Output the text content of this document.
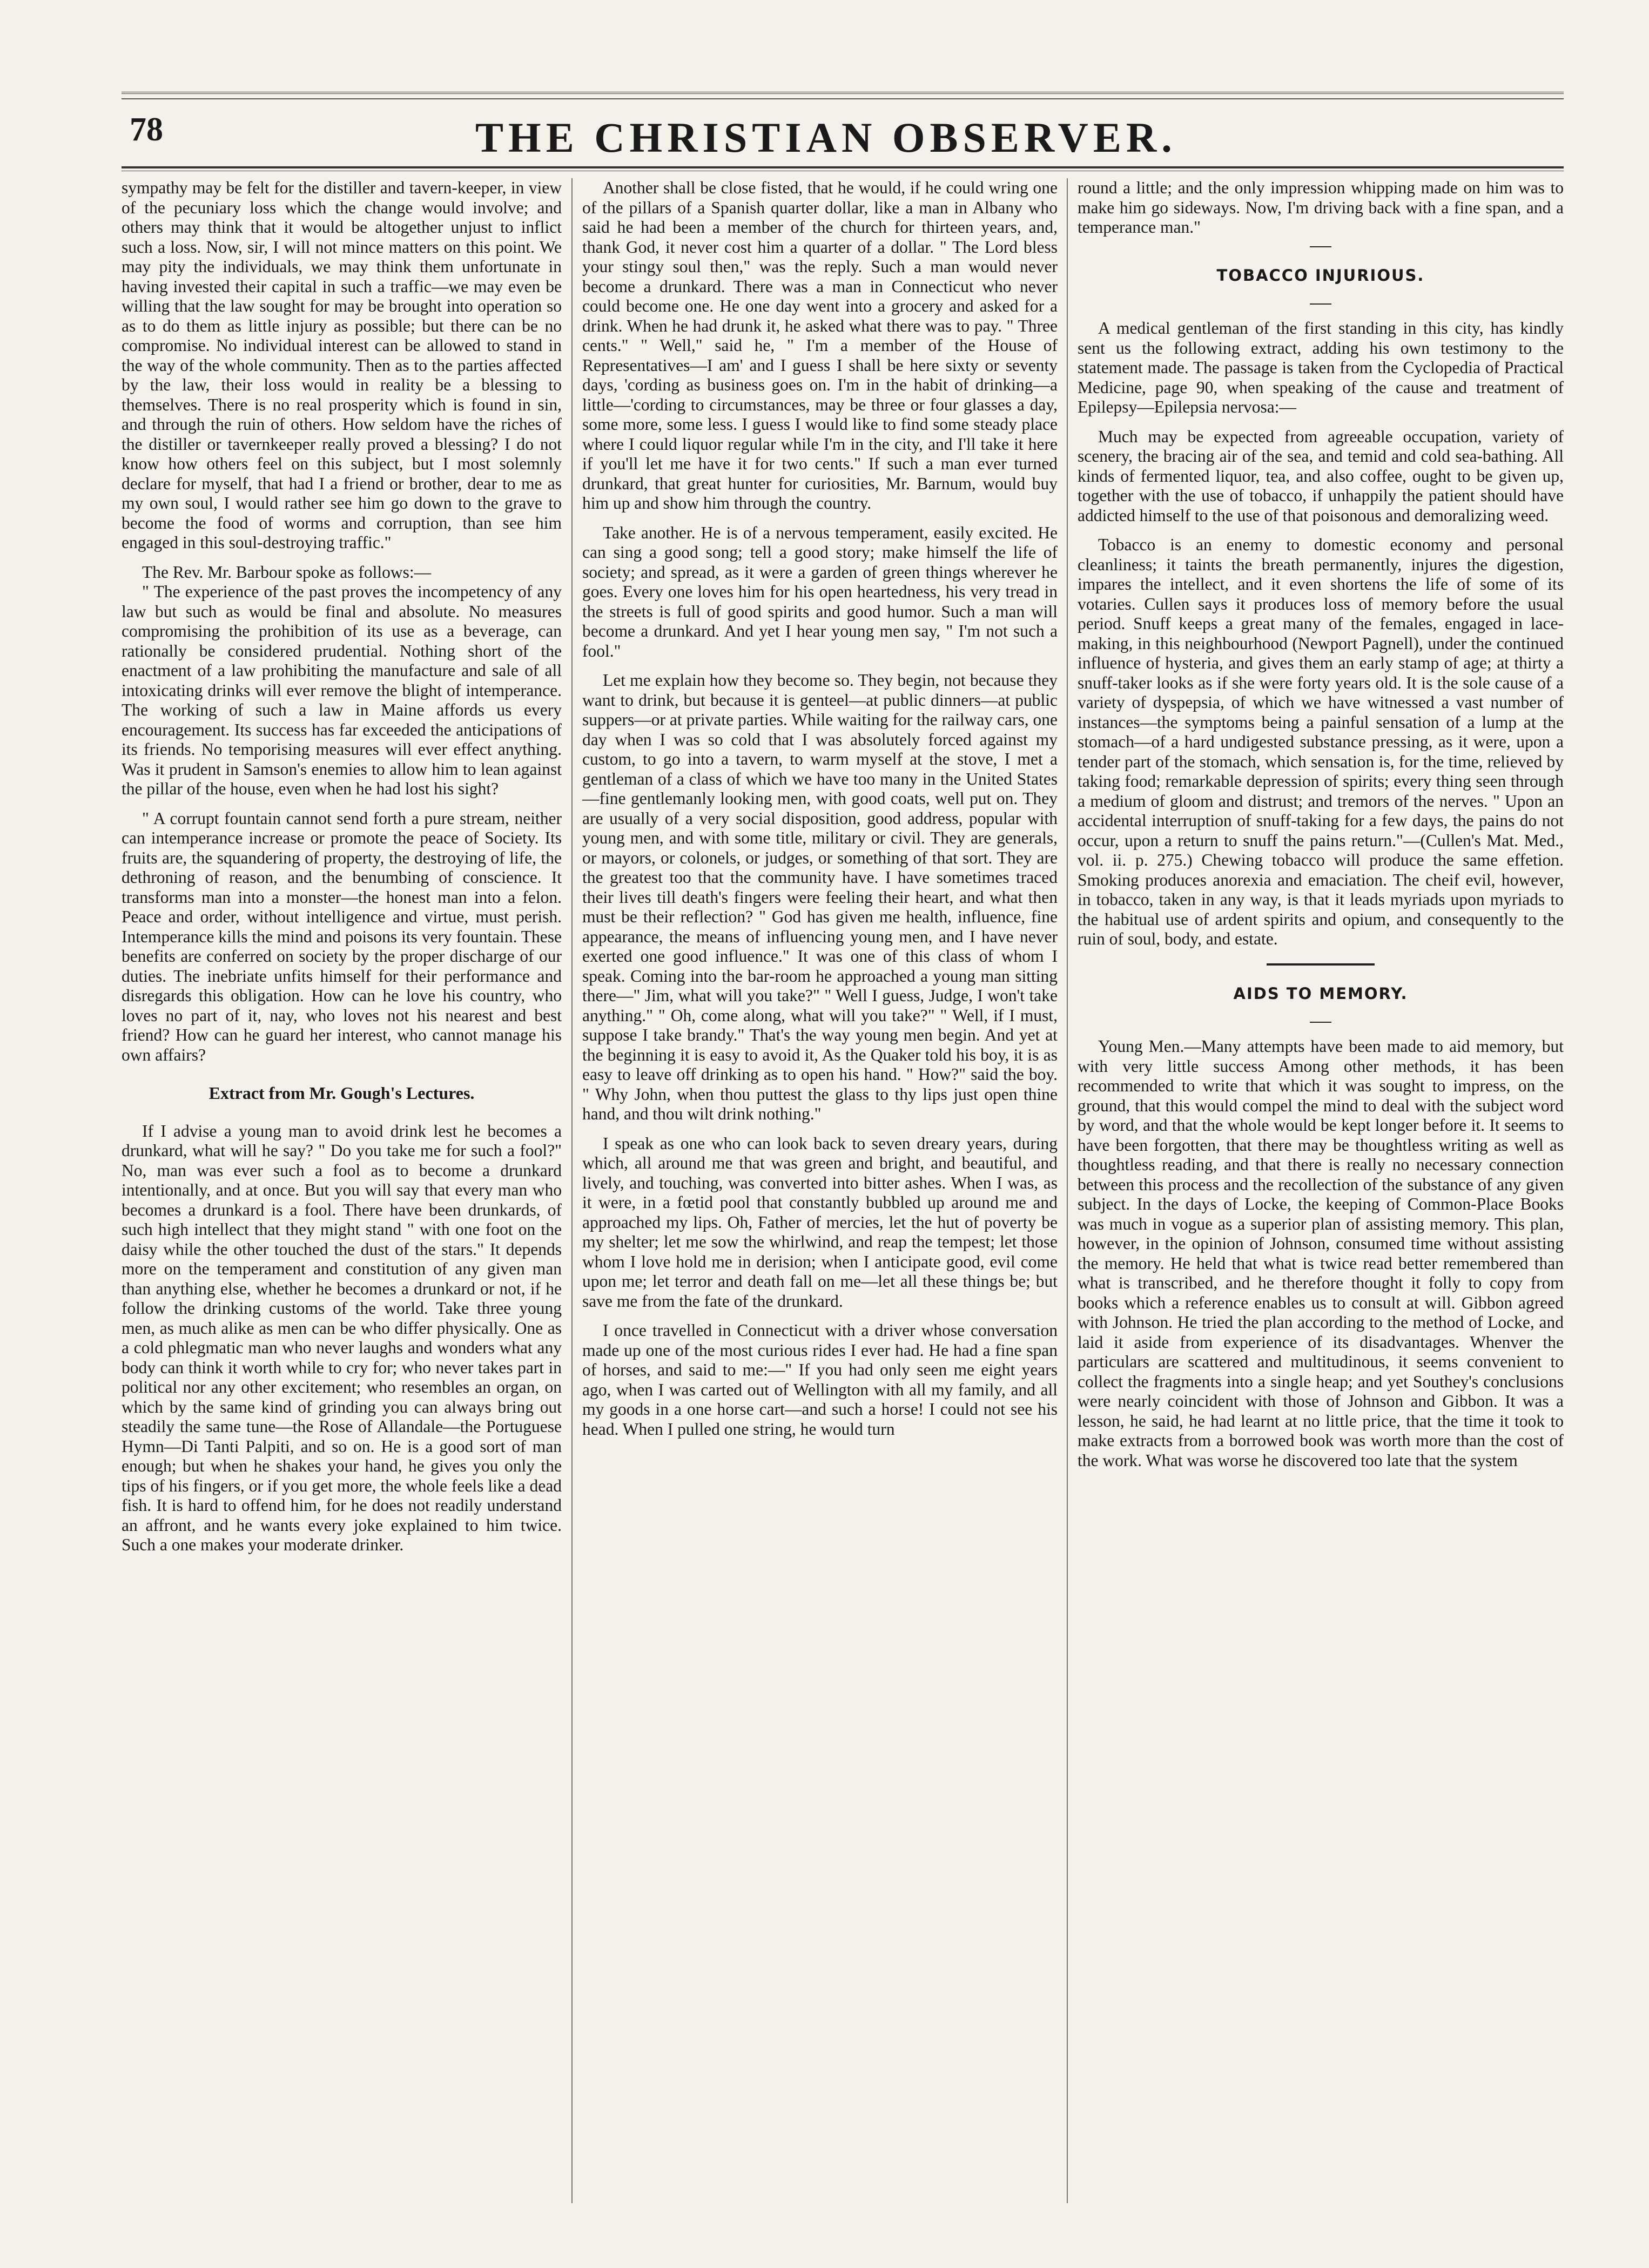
78	THE CHRISTIAN OBSERVER.

sympathy may be felt for the distiller and tavern-keeper, in view of the pecuniary loss which the change would involve; and others may think that it would be altogether unjust to inflict such a loss. Now, sir, I will not mince matters on this point. We may pity the individuals, we may think them unfortunate in having invested their capital in such a traffic—we may even be willing that the law sought for may be brought into operation so as to do them as little injury as possible; but there can be no compromise. No individual interest can be allowed to stand in the way of the whole community. Then as to the parties affected by the law, their loss would in reality be a blessing to themselves. There is no real prosperity which is found in sin, and through the ruin of others. How seldom have the riches of the distiller or tavernkeeper really proved a blessing? I do not know how others feel on this subject, but I most solemnly declare for myself, that had I a friend or brother, dear to me as my own soul, I would rather see him go down to the grave to become the food of worms and corruption, than see him engaged in this soul-destroying traffic."

The Rev. Mr. Barbour spoke as follows:—

" The experience of the past proves the incompetency of any law but such as would be final and absolute. No measures compromising the prohibition of its use as a beverage, can rationally be considered prudential. Nothing short of the enactment of a law prohibiting the manufacture and sale of all intoxicating drinks will ever remove the blight of intemperance. The working of such a law in Maine affords us every encouragement. Its success has far exceeded the anticipations of its friends. No temporising measures will ever effect anything. Was it prudent in Samson's enemies to allow him to lean against the pillar of the house, even when he had lost his sight?

" A corrupt fountain cannot send forth a pure stream, neither can intemperance increase or promote the peace of Society. Its fruits are, the squandering of property, the destroying of life, the dethroning of reason, and the benumbing of conscience. It transforms man into a monster—the honest man into a felon. Peace and order, without intelligence and virtue, must perish. Intemperance kills the mind and poisons its very fountain. These benefits are conferred on society by the proper discharge of our duties. The inebriate unfits himself for their performance and disregards this obligation. How can he love his country, who loves no part of it, nay, who loves not his nearest and best friend? How can he guard her interest, who cannot manage his own affairs?

Extract from Mr. Gough's Lectures.

If I advise a young man to avoid drink lest he becomes a drunkard, what will he say? " Do you take me for such a fool?" No, man was ever such a fool as to become a drunkard intentionally, and at once. But you will say that every man who becomes a drunkard is a fool. There have been drunkards, of such high intellect that they might stand " with one foot on the daisy while the other touched the dust of the stars." It depends more on the temperament and constitution of any given man than anything else, whether he becomes a drunkard or not, if he follow the drinking customs of the world. Take three young men, as much alike as men can be who differ physically. One as a cold phlegmatic man who never laughs and wonders what any body can think it worth while to cry for; who never takes part in political nor any other excitement; who resembles an organ, on which by the same kind of grinding you can always bring out steadily the same tune—the Rose of Allandale—the Portuguese Hymn—Di Tanti Palpiti, and so on. He is a good sort of man enough; but when he shakes your hand, he gives you only the tips of his fingers, or if you get more, the whole feels like a dead fish. It is hard to offend him, for he does not readily understand an affront, and he wants every joke explained to him twice. Such a one makes your moderate drinker.

Another shall be close fisted, that he would, if he could wring one of the pillars of a Spanish quarter dollar, like a man in Albany who said he had been a member of the church for thirteen years, and, thank God, it never cost him a quarter of a dollar. " The Lord bless your stingy soul then," was the reply. Such a man would never become a drunkard. There was a man in Connecticut who never could become one. He one day went into a grocery and asked for a drink. When he had drunk it, he asked what there was to pay. " Three cents." " Well," said he, " I'm a member of the House of Representatives—I am' and I guess I shall be here sixty or seventy days, 'cording as business goes on. I'm in the habit of drinking—a little—'cording to circumstances, may be three or four glasses a day, some more, some less. I guess I would like to find some steady place where I could liquor regular while I'm in the city, and I'll take it here if you'll let me have it for two cents." If such a man ever turned drunkard, that great hunter for curiosities, Mr. Barnum, would buy him up and show him through the country.

Take another. He is of a nervous temperament, easily excited. He can sing a good song; tell a good story; make himself the life of society; and spread, as it were a garden of green things wherever he goes. Every one loves him for his open heartedness, his very tread in the streets is full of good spirits and good humor. Such a man will become a drunkard. And yet I hear young men say, " I'm not such a fool."

Let me explain how they become so. They begin, not because they want to drink, but because it is genteel—at public dinners—at public suppers—or at private parties. While waiting for the railway cars, one day when I was so cold that I was absolutely forced against my custom, to go into a tavern, to warm myself at the stove, I met a gentleman of a class of which we have too many in the United States—fine gentlemanly looking men, with good coats, well put on. They are usually of a very social disposition, good address, popular with young men, and with some title, military or civil. They are generals, or mayors, or colonels, or judges, or something of that sort. They are the greatest too that the community have. I have sometimes traced their lives till death's fingers were feeling their heart, and what then must be their reflection? " God has given me health, influence, fine appearance, the means of influencing young men, and I have never exerted one good influence." It was one of this class of whom I speak. Coming into the bar-room he approached a young man sitting there—" Jim, what will you take?" " Well I guess, Judge, I won't take anything." " Oh, come along, what will you take?" " Well, if I must, suppose I take brandy." That's the way young men begin. And yet at the beginning it is easy to avoid it, As the Quaker told his boy, it is as easy to leave off drinking as to open his hand. " How?" said the boy. " Why John, when thou puttest the glass to thy lips just open thine hand, and thou wilt drink nothing."

I speak as one who can look back to seven dreary years, during which, all around me that was green and bright, and beautiful, and lively, and touching, was converted into bitter ashes. When I was, as it were, in a fœtid pool that constantly bubbled up around me and approached my lips. Oh, Father of mercies, let the hut of poverty be my shelter; let me sow the whirlwind, and reap the tempest; let those whom I love hold me in derision; when I anticipate good, evil come upon me; let terror and death fall on me—let all these things be; but save me from the fate of the drunkard.

I once travelled in Connecticut with a driver whose conversation made up one of the most curious rides I ever had. He had a fine span of horses, and said to me:—" If you had only seen me eight years ago, when I was carted out of Wellington with all my family, and all my goods in a one horse cart—and such a horse! I could not see his head. When I pulled one string, he would turn

round a little; and the only impression whipping made on him was to make him go sideways. Now, I'm driving back with a fine span, and a temperance man."

TOBACCO INJURIOUS.

A medical gentleman of the first standing in this city, has kindly sent us the following extract, adding his own testimony to the statement made. The passage is taken from the Cyclopedia of Practical Medicine, page 90, when speaking of the cause and treatment of Epilepsy—Epilepsia nervosa:—

Much may be expected from agreeable occupation, variety of scenery, the bracing air of the sea, and temid and cold sea-bathing. All kinds of fermented liquor, tea, and also coffee, ought to be given up, together with the use of tobacco, if unhappily the patient should have addicted himself to the use of that poisonous and demoralizing weed.

Tobacco is an enemy to domestic economy and personal cleanliness; it taints the breath permanently, injures the digestion, impares the intellect, and it even shortens the life of some of its votaries. Cullen says it produces loss of memory before the usual period. Snuff keeps a great many of the females, engaged in lace-making, in this neighbourhood (Newport Pagnell), under the continued influence of hysteria, and gives them an early stamp of age; at thirty a snuff-taker looks as if she were forty years old. It is the sole cause of a variety of dyspepsia, of which we have witnessed a vast number of instances—the symptoms being a painful sensation of a lump at the stomach—of a hard undigested substance pressing, as it were, upon a tender part of the stomach, which sensation is, for the time, relieved by taking food; remarkable depression of spirits; every thing seen through a medium of gloom and distrust; and tremors of the nerves. " Upon an accidental interruption of snuff-taking for a few days, the pains do not occur, upon a return to snuff the pains return."—(Cullen's Mat. Med., vol. ii. p. 275.) Chewing tobacco will produce the same effetion. Smoking produces anorexia and emaciation. The cheif evil, however, in tobacco, taken in any way, is that it leads myriads upon myriads to the habitual use of ardent spirits and opium, and consequently to the ruin of soul, body, and estate.

AIDS TO MEMORY.

Young Men.—Many attempts have been made to aid memory, but with very little success Among other methods, it has been recommended to write that which it was sought to impress, on the ground, that this would compel the mind to deal with the subject word by word, and that the whole would be kept longer before it. It seems to have been forgotten, that there may be thoughtless writing as well as thoughtless reading, and that there is really no necessary connection between this process and the recollection of the substance of any given subject. In the days of Locke, the keeping of Common-Place Books was much in vogue as a superior plan of assisting memory. This plan, however, in the opinion of Johnson, consumed time without assisting the memory. He held that what is twice read better remembered than what is transcribed, and he therefore thought it folly to copy from books which a reference enables us to consult at will. Gibbon agreed with Johnson. He tried the plan according to the method of Locke, and laid it aside from experience of its disadvantages. Whenver the particulars are scattered and multitudinous, it seems convenient to collect the fragments into a single heap; and yet Southey's conclusions were nearly coincident with those of Johnson and Gibbon. It was a lesson, he said, he had learnt at no little price, that the time it took to make extracts from a borrowed book was worth more than the cost of the work. What was worse he discovered too late that the system
